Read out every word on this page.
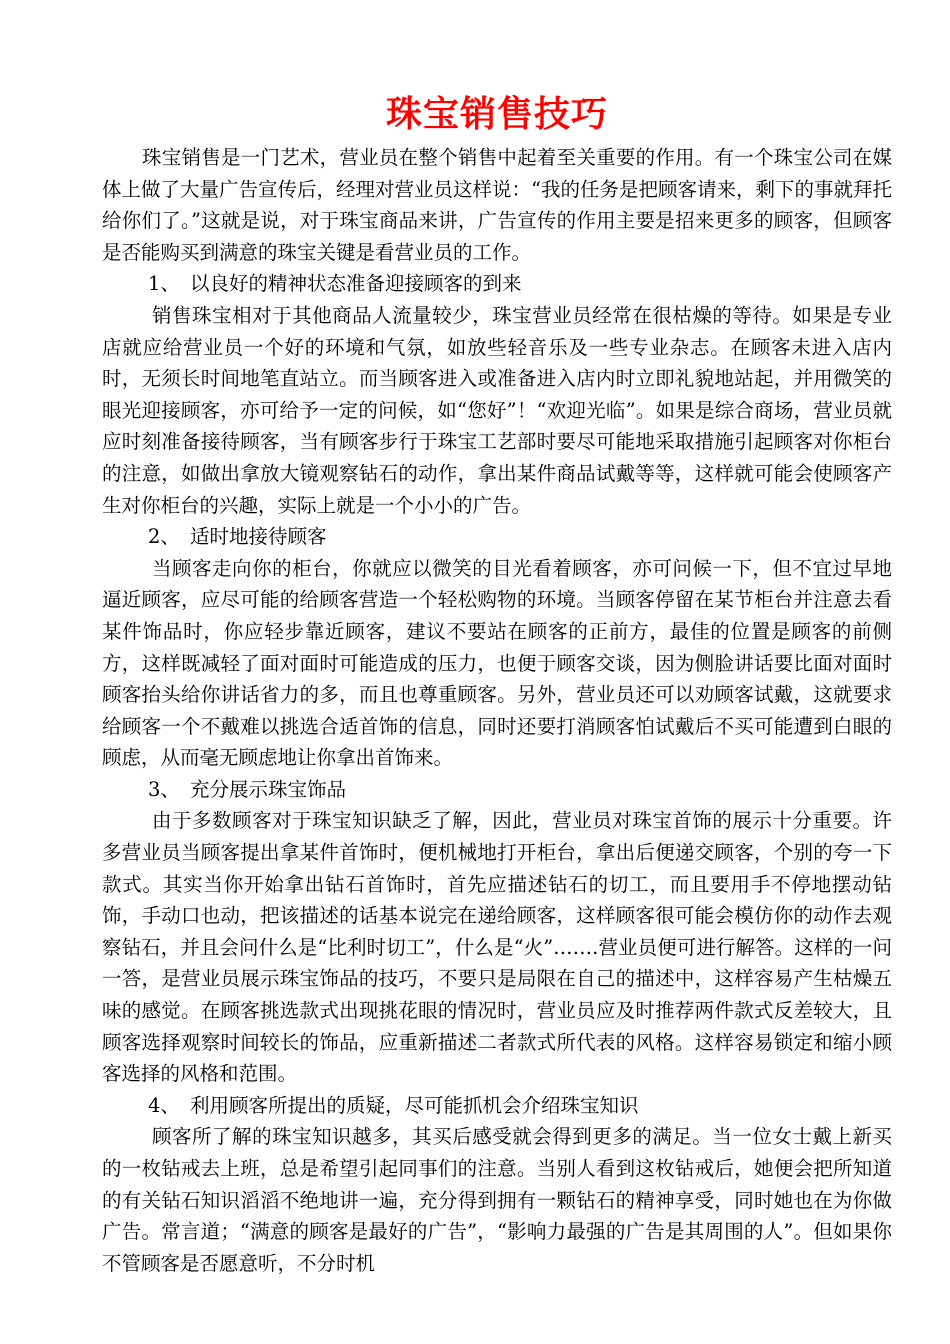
珠宝销售技巧

珠宝销售是一门艺术，营业员在整个销售中起着至关重要的作用。有一个珠宝公司在媒体上做了大量广告宣传后，经理对营业员这样说：“我的任务是把顾客请来，剩下的事就拜托给你们了。”这就是说，对于珠宝商品来讲，广告宣传的作用主要是招来更多的顾客，但顾客是否能购买到满意的珠宝关键是看营业员的工作。

1、 以良好的精神状态准备迎接顾客的到来

销售珠宝相对于其他商品人流量较少，珠宝营业员经常在很枯燥的等待。如果是专业店就应给营业员一个好的环境和气氛，如放些轻音乐及一些专业杂志。在顾客未进入店内时，无须长时间地笔直站立。而当顾客进入或准备进入店内时立即礼貌地站起，并用微笑的眼光迎接顾客，亦可给予一定的问候，如“您好”！“欢迎光临”。如果是综合商场，营业员就应时刻准备接待顾客，当有顾客步行于珠宝工艺部时要尽可能地采取措施引起顾客对你柜台的注意，如做出拿放大镜观察钻石的动作，拿出某件商品试戴等等，这样就可能会使顾客产生对你柜台的兴趣，实际上就是一个小小的广告。

2、 适时地接待顾客

当顾客走向你的柜台，你就应以微笑的目光看着顾客，亦可问候一下，但不宜过早地逼近顾客，应尽可能的给顾客营造一个轻松购物的环境。当顾客停留在某节柜台并注意去看某件饰品时，你应轻步靠近顾客，建议不要站在顾客的正前方，最佳的位置是顾客的前侧方，这样既减轻了面对面时可能造成的压力，也便于顾客交谈，因为侧脸讲话要比面对面时顾客抬头给你讲话省力的多，而且也尊重顾客。另外，营业员还可以劝顾客试戴，这就要求给顾客一个不戴难以挑选合适首饰的信息，同时还要打消顾客怕试戴后不买可能遭到白眼的顾虑，从而毫无顾虑地让你拿出首饰来。

3、 充分展示珠宝饰品

由于多数顾客对于珠宝知识缺乏了解，因此，营业员对珠宝首饰的展示十分重要。许多营业员当顾客提出拿某件首饰时，便机械地打开柜台，拿出后便递交顾客，个别的夸一下款式。其实当你开始拿出钻石首饰时，首先应描述钻石的切工，而且要用手不停地摆动钻饰，手动口也动，把该描述的话基本说完在递给顾客，这样顾客很可能会模仿你的动作去观察钻石，并且会问什么是“比利时切工”，什么是“火”…….营业员便可进行解答。这样的一问一答，是营业员展示珠宝饰品的技巧，不要只是局限在自己的描述中，这样容易产生枯燥五味的感觉。在顾客挑选款式出现挑花眼的情况时，营业员应及时推荐两件款式反差较大，且顾客选择观察时间较长的饰品，应重新描述二者款式所代表的风格。这样容易锁定和缩小顾客选择的风格和范围。

4、 利用顾客所提出的质疑，尽可能抓机会介绍珠宝知识

顾客所了解的珠宝知识越多，其买后感受就会得到更多的满足。当一位女士戴上新买的一枚钻戒去上班，总是希望引起同事们的注意。当别人看到这枚钻戒后，她便会把所知道的有关钻石知识滔滔不绝地讲一遍，充分得到拥有一颗钻石的精神享受，同时她也在为你做广告。常言道；“满意的顾客是最好的广告”，“影响力最强的广告是其周围的人”。但如果你不管顾客是否愿意听，不分时机
